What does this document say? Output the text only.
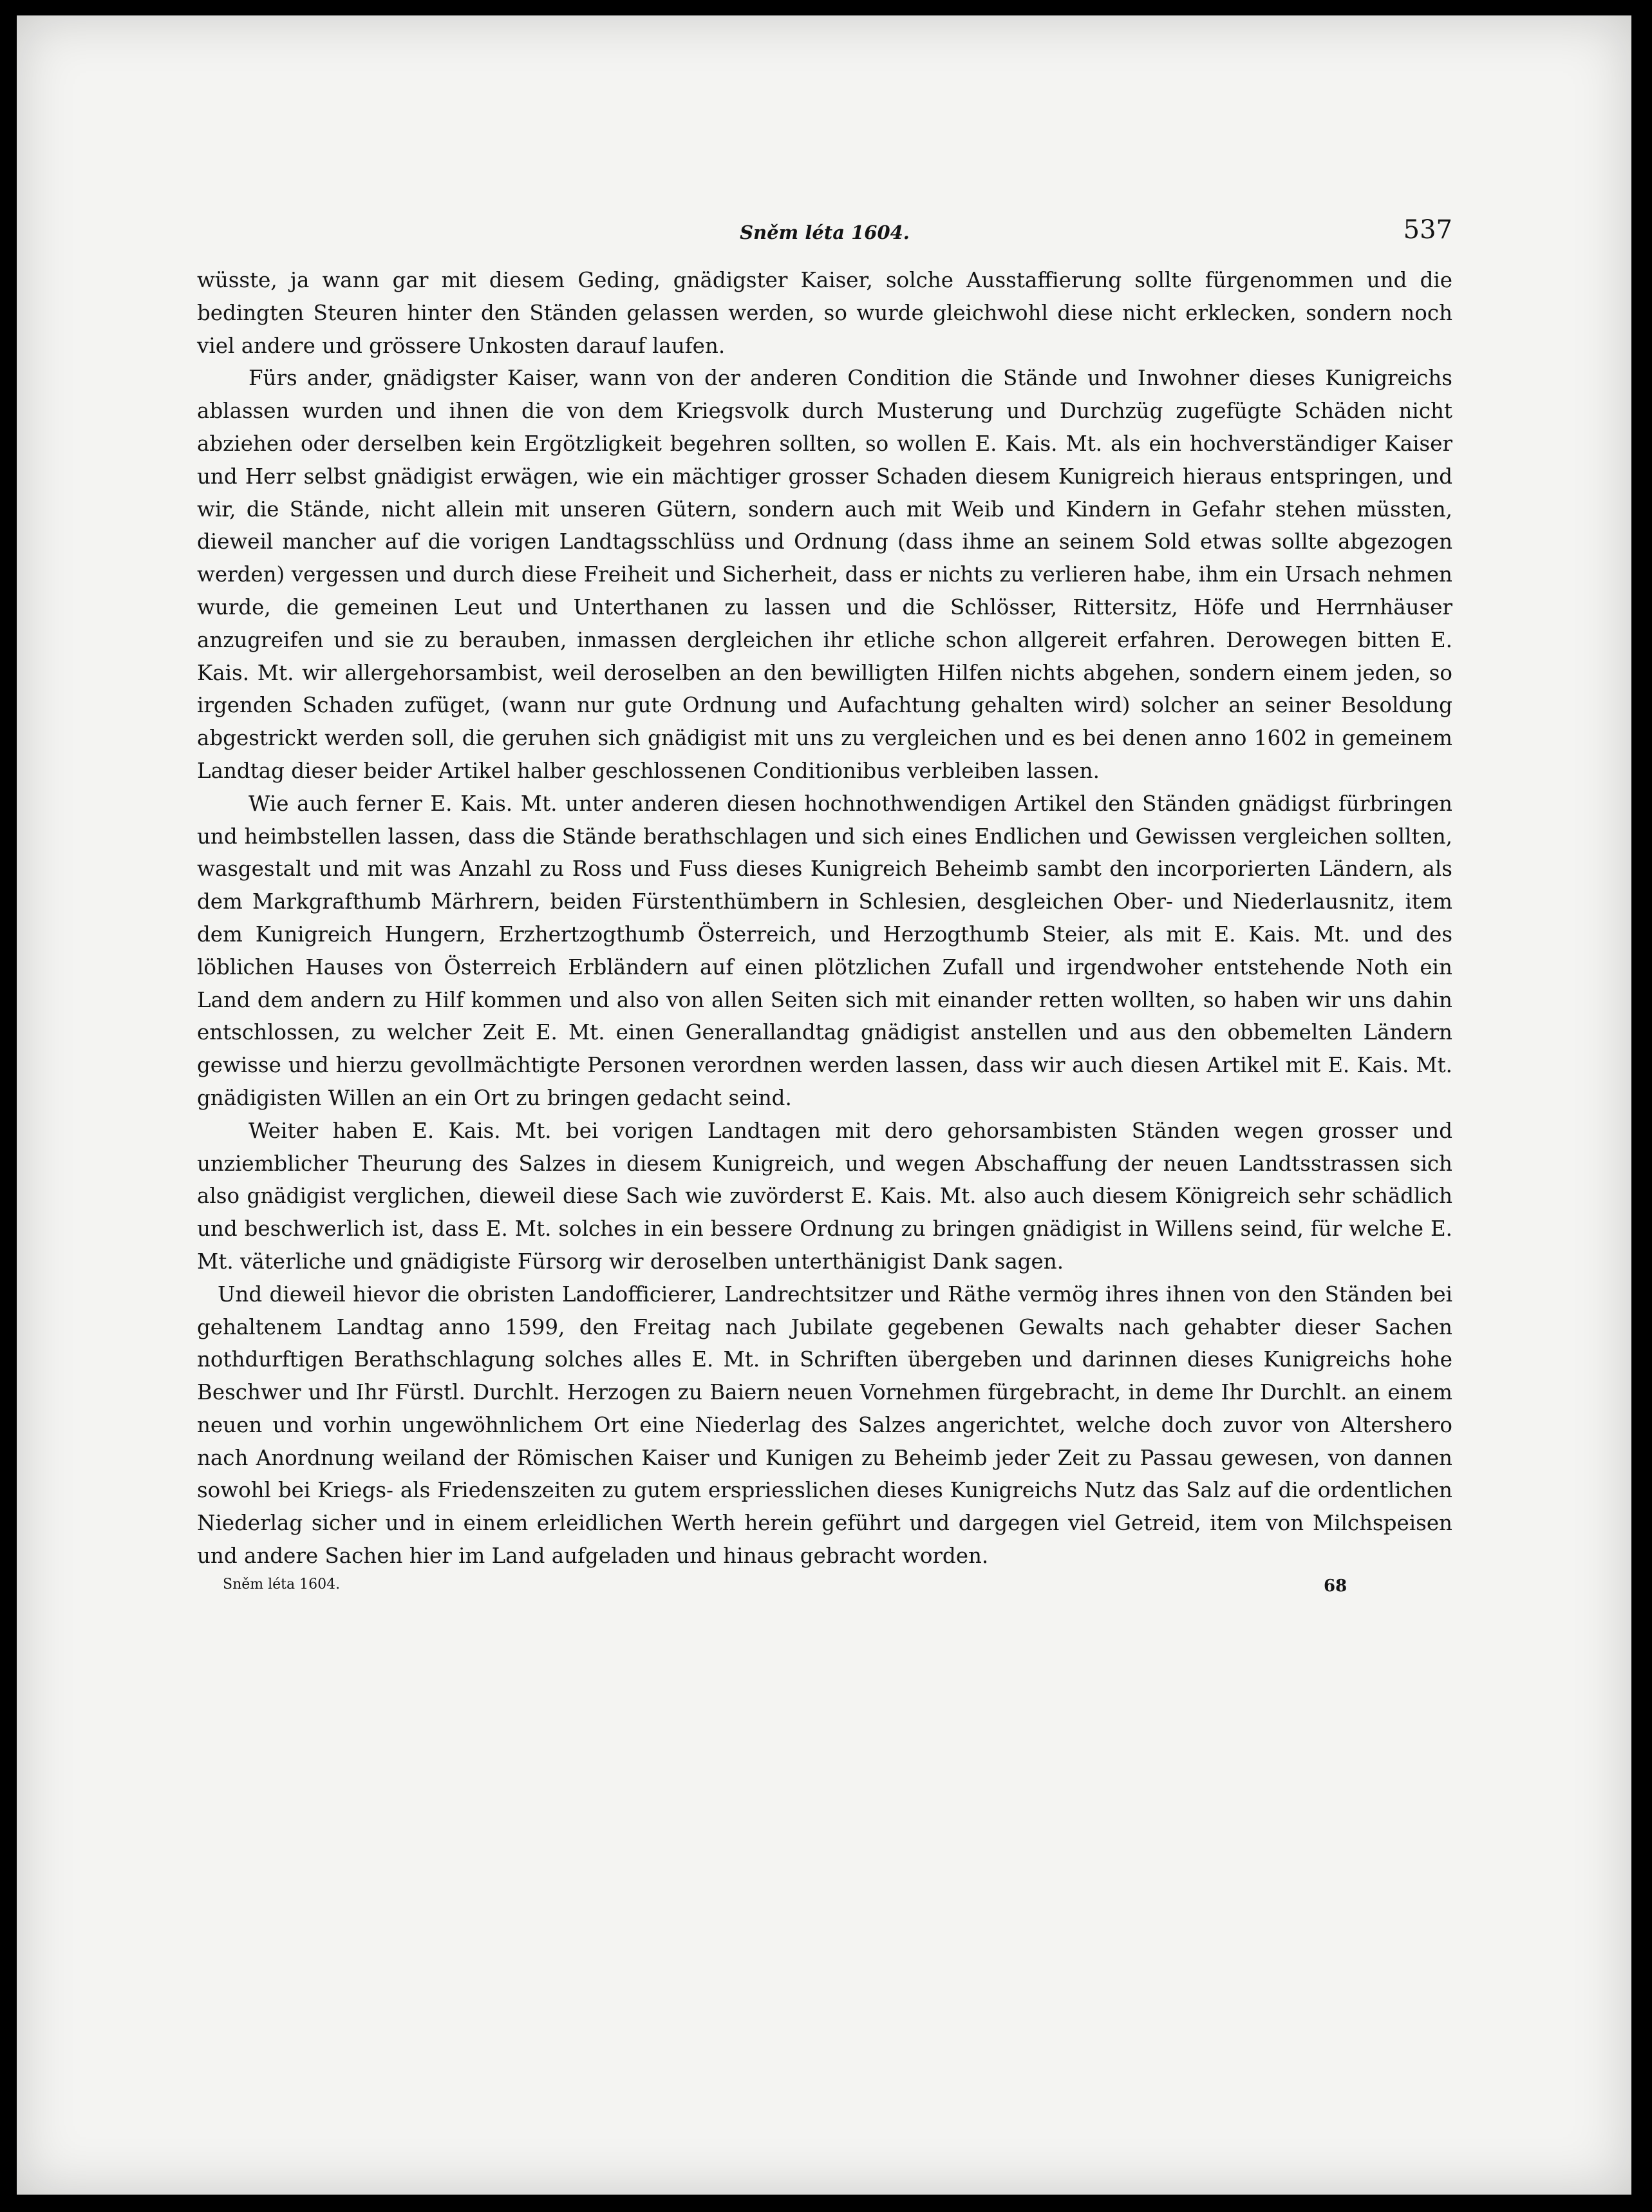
Sněm léta 1604.	537

wüsste, ja wann gar mit diesem Geding, gnädigster Kaiser, solche Ausstaffierung sollte fürgenommen und die bedingten Steuren hinter den Ständen gelassen werden, so wurde gleichwohl diese nicht erklecken, sondern noch viel andere und grössere Unkosten darauf laufen.

Fürs ander, gnädigster Kaiser, wann von der anderen Condition die Stände und Inwohner dieses Kunigreichs ablassen wurden und ihnen die von dem Kriegsvolk durch Musterung und Durchzüg zugefügte Schäden nicht abziehen oder derselben kein Ergötzligkeit begehren sollten, so wollen E. Kais. Mt. als ein hochverständiger Kaiser und Herr selbst gnädigist erwägen, wie ein mächtiger grosser Schaden diesem Kunigreich hieraus entspringen, und wir, die Stände, nicht allein mit unseren Gütern, sondern auch mit Weib und Kindern in Gefahr stehen müssten, dieweil mancher auf die vorigen Landtagsschlüss und Ordnung (dass ihme an seinem Sold etwas sollte abgezogen werden) vergessen und durch diese Freiheit und Sicherheit, dass er nichts zu verlieren habe, ihm ein Ursach nehmen wurde, die gemeinen Leut und Unterthanen zu lassen und die Schlösser, Rittersitz, Höfe und Herrnhäuser anzugreifen und sie zu berauben, inmassen dergleichen ihr etliche schon allgereit erfahren. Derowegen bitten E. Kais. Mt. wir allergehorsambist, weil deroselben an den bewilligten Hilfen nichts abgehen, sondern einem jeden, so irgenden Schaden zufüget, (wann nur gute Ordnung und Aufachtung gehalten wird) solcher an seiner Besoldung abgestrickt werden soll, die geruhen sich gnädigist mit uns zu vergleichen und es bei denen anno 1602 in gemeinem Landtag dieser beider Artikel halber geschlossenen Conditionibus verbleiben lassen.

Wie auch ferner E. Kais. Mt. unter anderen diesen hochnothwendigen Artikel den Ständen gnädigst fürbringen und heimbstellen lassen, dass die Stände berathschlagen und sich eines Endlichen und Gewissen vergleichen sollten, wasgestalt und mit was Anzahl zu Ross und Fuss dieses Kunigreich Beheimb sambt den incorporierten Ländern, als dem Markgrafthumb Märhrern, beiden Fürstenthümbern in Schlesien, desgleichen Ober- und Niederlausnitz, item dem Kunigreich Hungern, Erzhertzogthumb Österreich, und Herzogthumb Steier, als mit E. Kais. Mt. und des löblichen Hauses von Österreich Erbländern auf einen plötzlichen Zufall und irgendwoher entstehende Noth ein Land dem andern zu Hilf kommen und also von allen Seiten sich mit einander retten wollten, so haben wir uns dahin entschlossen, zu welcher Zeit E. Mt. einen Generallandtag gnädigist anstellen und aus den obbemelten Ländern gewisse und hierzu gevollmächtigte Personen verordnen werden lassen, dass wir auch diesen Artikel mit E. Kais. Mt. gnädigisten Willen an ein Ort zu bringen gedacht seind.

Weiter haben E. Kais. Mt. bei vorigen Landtagen mit dero gehorsambisten Ständen wegen grosser und unziemblicher Theurung des Salzes in diesem Kunigreich, und wegen Abschaffung der neuen Landtsstrassen sich also gnädigist verglichen, dieweil diese Sach wie zuvörderst E. Kais. Mt. also auch diesem Königreich sehr schädlich und beschwerlich ist, dass E. Mt. solches in ein bessere Ordnung zu bringen gnädigist in Willens seind, für welche E. Mt. väterliche und gnädigiste Fürsorg wir deroselben unterthänigist Dank sagen.

Und dieweil hievor die obristen Landofficierer, Landrechtsitzer und Räthe vermög ihres ihnen von den Ständen bei gehaltenem Landtag anno 1599, den Freitag nach Jubilate gegebenen Gewalts nach gehabter dieser Sachen nothdurftigen Berathschlagung solches alles E. Mt. in Schriften übergeben und darinnen dieses Kunigreichs hohe Beschwer und Ihr Fürstl. Durchlt. Herzogen zu Baiern neuen Vornehmen fürgebracht, in deme Ihr Durchlt. an einem neuen und vorhin ungewöhnlichem Ort eine Niederlag des Salzes angerichtet, welche doch zuvor von Altershero nach Anordnung weiland der Römischen Kaiser und Kunigen zu Beheimb jeder Zeit zu Passau gewesen, von dannen sowohl bei Kriegs- als Friedenszeiten zu gutem erspriesslichen dieses Kunigreichs Nutz das Salz auf die ordentlichen Niederlag sicher und in einem erleidlichen Werth herein geführt und dargegen viel Getreid, item von Milchspeisen und andere Sachen hier im Land aufgeladen und hinaus gebracht worden.

Sněm léta 1604.	68
